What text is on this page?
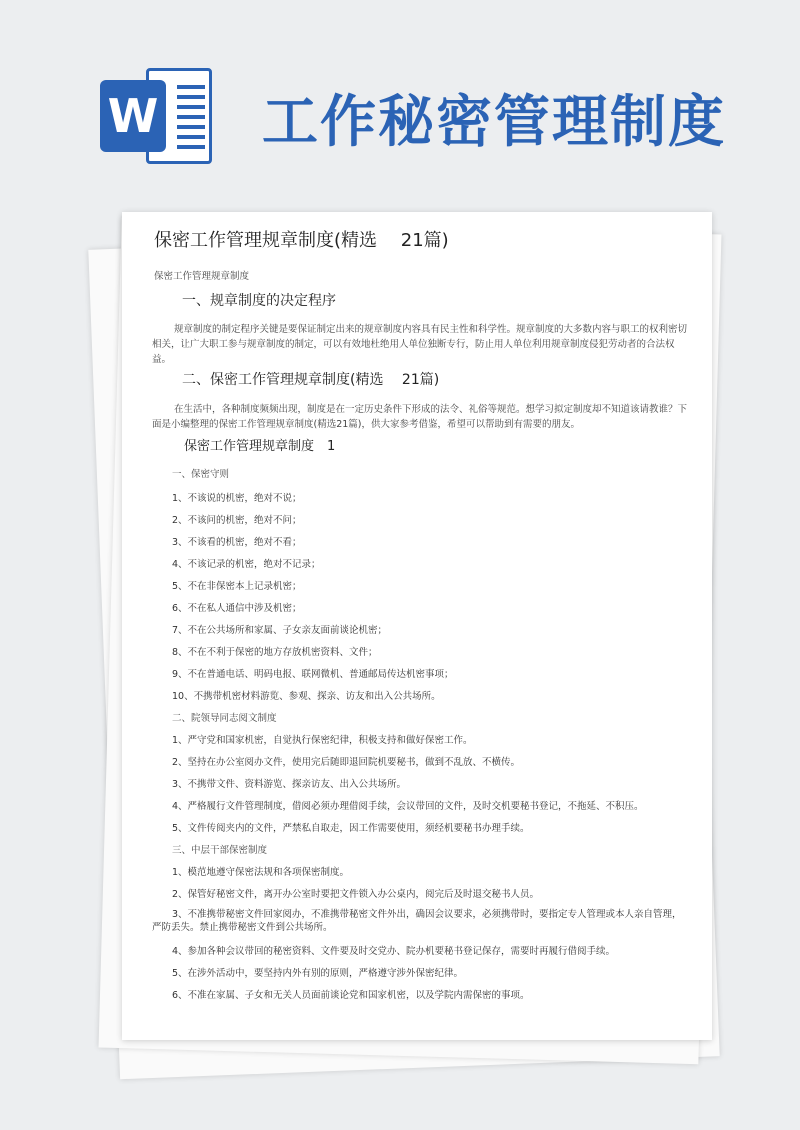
W 工作秘密管理制度
保密工作管理规章制度(精选　 21篇)
保密工作管理规章制度
一、规章制度的决定程序
规章制度的制定程序关键是要保证制定出来的规章制度内容具有民主性和科学性。规章制度的大多数内容与职工的权利密切相关，让广大职工参与规章制度的制定，可以有效地杜绝用人单位独断专行，防止用人单位利用规章制度侵犯劳动者的合法权益。
二、保密工作管理规章制度(精选　 21篇)
在生活中，各种制度频频出现，制度是在一定历史条件下形成的法令、礼俗等规范。想学习拟定制度却不知道该请教谁？下面是小编整理的保密工作管理规章制度(精选21篇)，供大家参考借鉴，希望可以帮助到有需要的朋友。
保密工作管理规章制度　1
一、保密守则
1、不该说的机密，绝对不说；
2、不该问的机密，绝对不问；
3、不该看的机密，绝对不看；
4、不该记录的机密，绝对不记录；
5、不在非保密本上记录机密；
6、不在私人通信中涉及机密；
7、不在公共场所和家属、子女亲友面前谈论机密；
8、不在不利于保密的地方存放机密资料、文件；
9、不在普通电话、明码电报、联网微机、普通邮局传达机密事项；
10、不携带机密材料游览、参观、探亲、访友和出入公共场所。
二、院领导同志阅文制度
1、严守党和国家机密，自觉执行保密纪律，积极支持和做好保密工作。
2、坚持在办公室阅办文件，使用完后随即退回院机要秘书，做到不乱放、不横传。
3、不携带文件、资料游览、探亲访友、出入公共场所。
4、严格履行文件管理制度，借阅必须办理借阅手续，会议带回的文件，及时交机要秘书登记，不拖延、不积压。
5、文件传阅夹内的文件，严禁私自取走，因工作需要使用，须经机要秘书办理手续。
三、中层干部保密制度
1、模范地遵守保密法规和各项保密制度。
2、保管好秘密文件，离开办公室时要把文件锁入办公桌内，阅完后及时退交秘书人员。
3、不准携带秘密文件回家阅办，不准携带秘密文件外出，确因会议要求，必须携带时，要指定专人管理或本人亲自管理，严防丢失。禁止携带秘密文件到公共场所。
4、参加各种会议带回的秘密资料、文件要及时交党办、院办机要秘书登记保存，需要时再履行借阅手续。
5、在涉外活动中，要坚持内外有别的原则，严格遵守涉外保密纪律。
6、不准在家属、子女和无关人员面前谈论党和国家机密，以及学院内需保密的事项。
